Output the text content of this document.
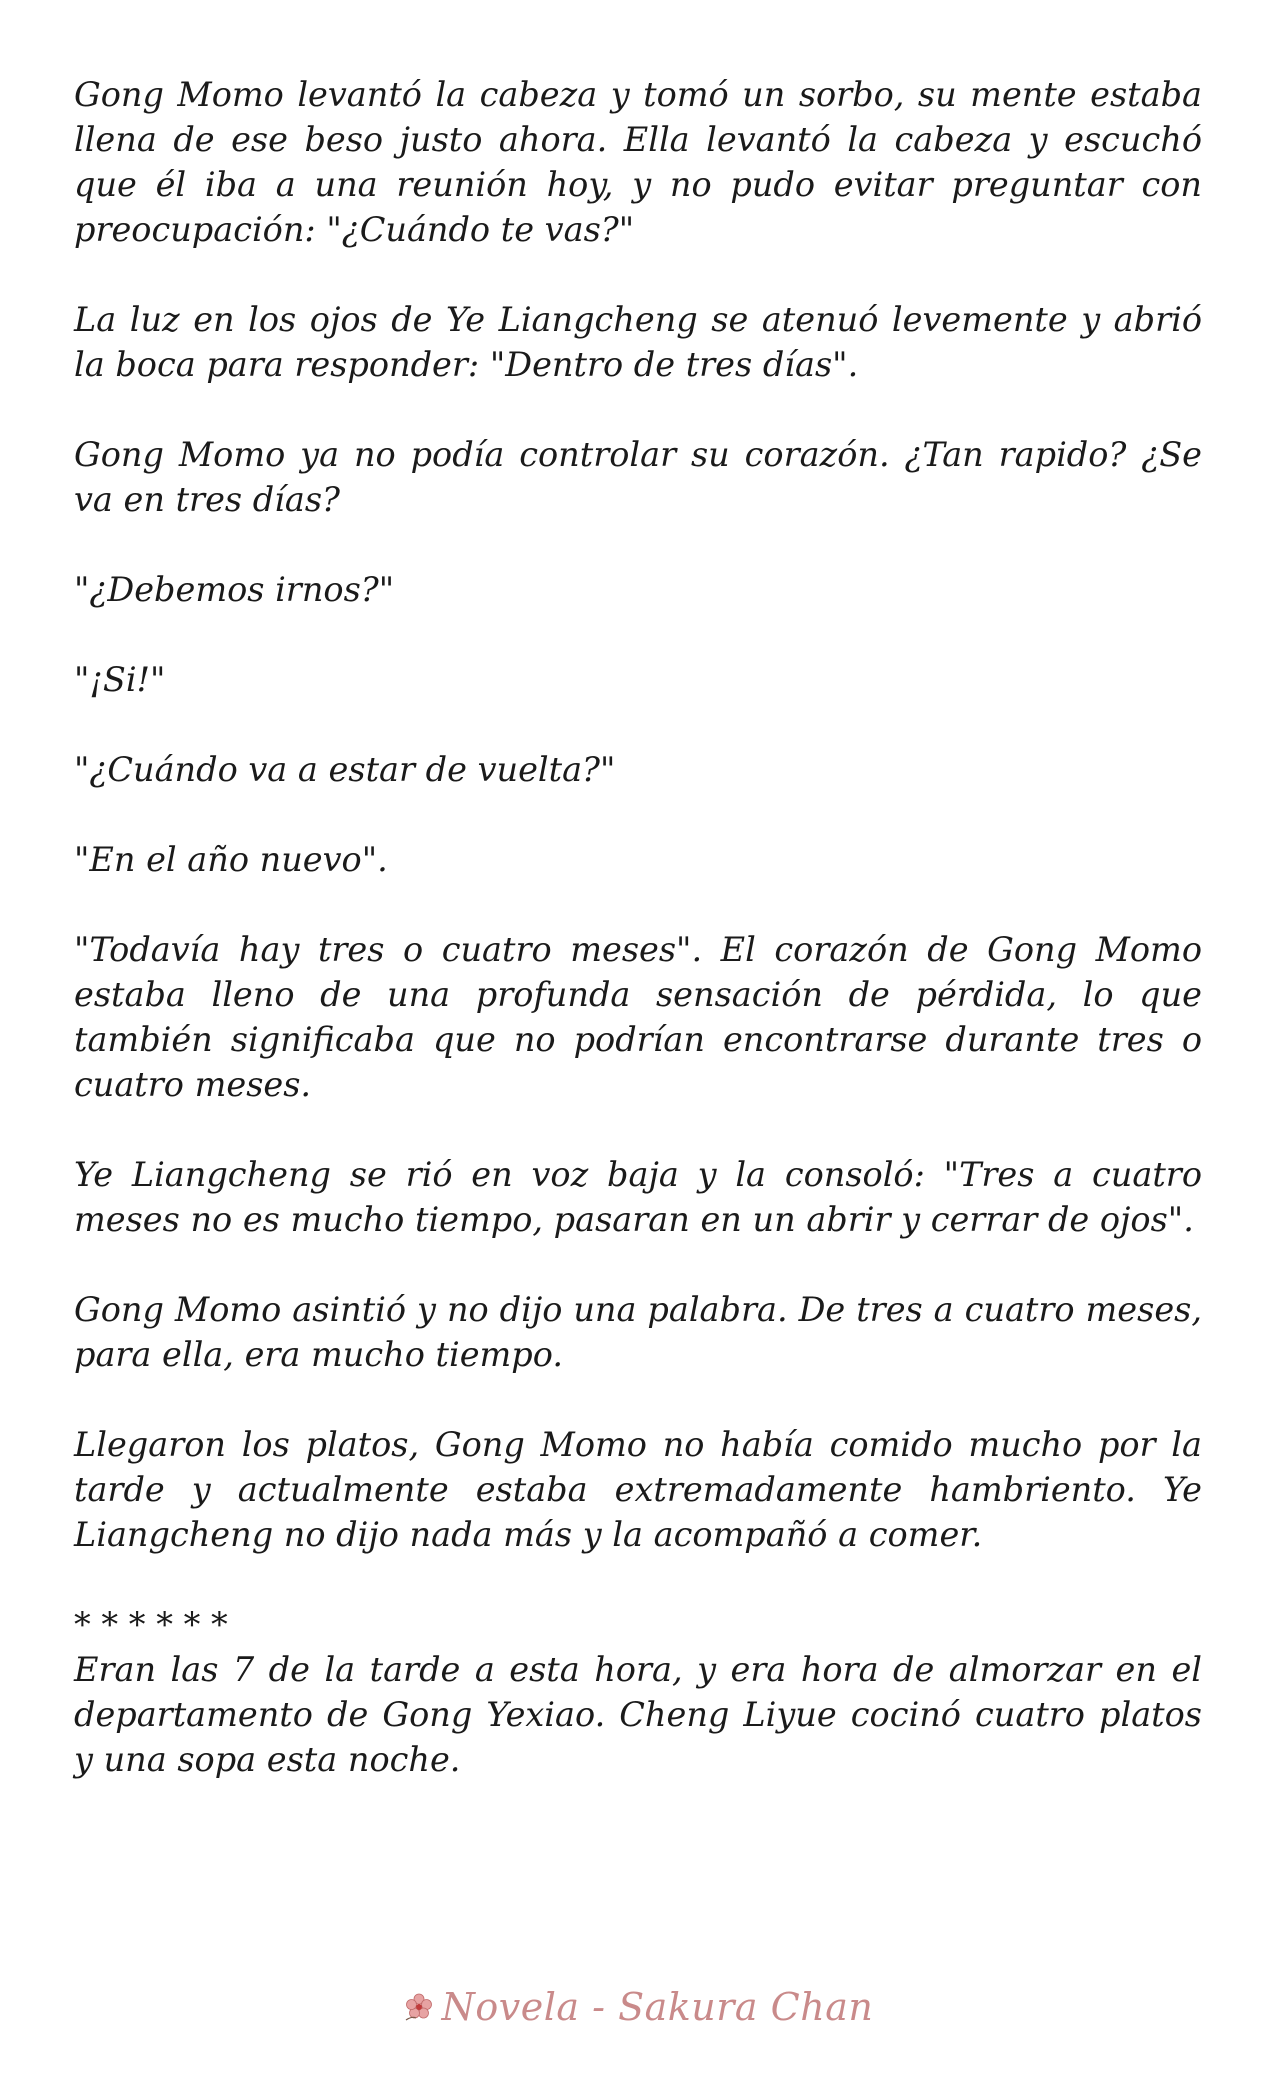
Gong Momo levantó la cabeza y tomó un sorbo, su mente estaba llena de ese beso justo ahora. Ella levantó la cabeza y escuchó que él iba a una reunión hoy, y no pudo evitar preguntar con preocupación: "¿Cuándo te vas?"

La luz en los ojos de Ye Liangcheng se atenuó levemente y abrió la boca para responder: "Dentro de tres días".

Gong Momo ya no podía controlar su corazón. ¿Tan rapido? ¿Se va en tres días?

"¿Debemos irnos?"

"¡Si!"

"¿Cuándo va a estar de vuelta?"

"En el año nuevo".

"Todavía hay tres o cuatro meses". El corazón de Gong Momo estaba lleno de una profunda sensación de pérdida, lo que también significaba que no podrían encontrarse durante tres o cuatro meses.

Ye Liangcheng se rió en voz baja y la consoló: "Tres a cuatro meses no es mucho tiempo, pasaran en un abrir y cerrar de ojos".

Gong Momo asintió y no dijo una palabra. De tres a cuatro meses, para ella, era mucho tiempo.

Llegaron los platos, Gong Momo no había comido mucho por la tarde y actualmente estaba extremadamente hambriento. Ye Liangcheng no dijo nada más y la acompañó a comer.

* * * * * *

Eran las 7 de la tarde a esta hora, y era hora de almorzar en el departamento de Gong Yexiao. Cheng Liyue cocinó cuatro platos y una sopa esta noche.

Novela - Sakura Chan
